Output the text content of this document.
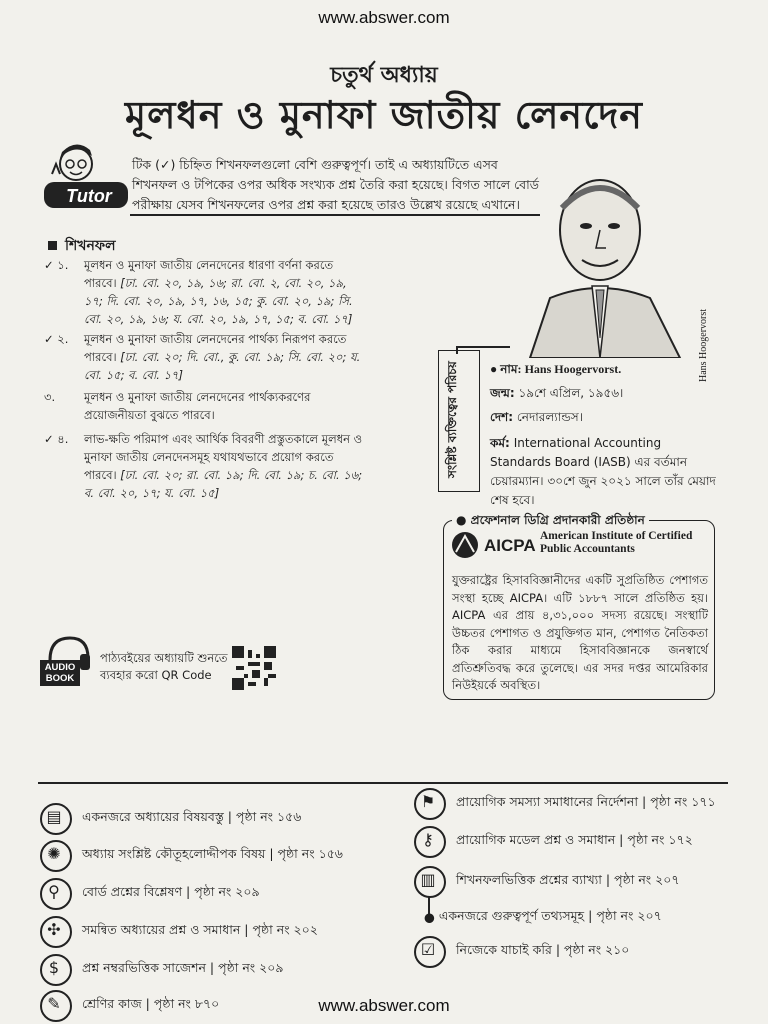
www.abswer.com
চতুর্থ অধ্যায়
মূলধন ও মুনাফা জাতীয় লেনদেন
Tutor
টিক (✓) চিহ্নিত শিখনফলগুলো বেশি গুরুত্বপূর্ণ। তাই এ অধ্যায়টিতে এসব শিখনফল ও টপিকের ওপর অধিক সংখ্যক প্রশ্ন তৈরি করা হয়েছে। বিগত সালে বোর্ড পরীক্ষায় যেসব শিখনফলের ওপর প্রশ্ন করা হয়েছে তারও উল্লেখ রয়েছে এখানে।
শিখনফল
✓ ১.	মূলধন ও মুনাফা জাতীয় লেনদেনের ধারণা বর্ণনা করতে পারবে। [ঢা. বো. ২০, ১৯, ১৬; রা. বো. ২, বো. ২০, ১৯, ১৭; দি. বো. ২০, ১৯, ১৭, ১৬, ১৫; কু. বো. ২০, ১৯; সি. বো. ২০, ১৯, ১৬; য. বো. ২০, ১৯, ১৭, ১৫; ব. বো. ১৭]
✓ ২.	মূলধন ও মুনাফা জাতীয় লেনদেনের পার্থক্য নিরূপণ করতে পারবে। [ঢা. বো. ২০; দি. বো., কু. বো. ১৯; সি. বো. ২০; য. বো. ১৫; ব. বো. ১৭]
৩.	মূলধন ও মুনাফা জাতীয় লেনদেনের পার্থক্যকরণের প্রয়োজনীয়তা বুঝতে পারবে।
✓ ৪.	লাভ-ক্ষতি পরিমাপ এবং আর্থিক বিবরণী প্রস্তুতকালে মূলধন ও মুনাফা জাতীয় লেনদেনসমূহ যথাযথভাবে প্রয়োগ করতে পারবে। [ঢা. বো. ২০; রা. বো. ১৯; দি. বো. ১৯; চ. বো. ১৬; ব. বো. ২০, ১৭; য. বো. ১৫]
Hans Hoogervorst
সংশ্লিষ্ট ব্যক্তিত্বের পরিচয়	● নাম: Hans Hoogervorst.
জন্ম: ১৯শে এপ্রিল, ১৯৫৬।
দেশ: নেদারল্যান্ডস।
কর্ম: International Accounting Standards Board (IASB) এর বর্তমান চেয়ারম্যান। ৩০শে জুন ২০২১ সালে তাঁর মেয়াদ শেষ হবে।
● প্রফেশনাল ডিগ্রি প্রদানকারী প্রতিষ্ঠান
AICPA American Institute of Certified Public Accountants
যুক্তরাষ্ট্রের হিসাববিজ্ঞানীদের একটি সুপ্রতিষ্ঠিত পেশাগত সংস্থা হচ্ছে AICPA। এটি ১৮৮৭ সালে প্রতিষ্ঠিত হয়। AICPA এর প্রায় ৪,৩১,০০০ সদস্য রয়েছে। সংস্থাটি উচ্চতর পেশাগত ও প্রযুক্তিগত মান, পেশাগত নৈতিকতা ঠিক করার মাধ্যমে হিসাববিজ্ঞানকে জনস্বার্থে প্রতিশ্রুতিবদ্ধ করে তুলেছে। এর সদর দপ্তর আমেরিকার নিউইয়র্কে অবস্থিত।
AUDIO
BOOK
পাঠ্যবইয়ের অধ্যায়টি শুনতে
ব্যবহার করো QR Code
▤	একনজরে অধ্যায়ের বিষয়বস্তু | পৃষ্ঠা নং ১৫৬
✺	অধ্যায় সংশ্লিষ্ট কৌতূহলোদ্দীপক বিষয় | পৃষ্ঠা নং ১৫৬
⚲	বোর্ড প্রশ্নের বিশ্লেষণ | পৃষ্ঠা নং ২০৯
✣	সমন্বিত অধ্যায়ের প্রশ্ন ও সমাধান | পৃষ্ঠা নং ২০২
$	প্রশ্ন নম্বরভিত্তিক সাজেশন | পৃষ্ঠা নং ২০৯
✎	শ্রেণির কাজ | পৃষ্ঠা নং ৮৭০
⚑	প্রায়োগিক সমস্যা সমাধানের নির্দেশনা | পৃষ্ঠা নং ১৭১
⚷	প্রায়োগিক মডেল প্রশ্ন ও সমাধান | পৃষ্ঠা নং ১৭২
▥	শিখনফলভিত্তিক প্রশ্নের ব্যাখ্যা | পৃষ্ঠা নং ২০৭
● একনজরে গুরুত্বপূর্ণ তথ্যসমূহ | পৃষ্ঠা নং ২০৭
☑	নিজেকে যাচাই করি | পৃষ্ঠা নং ২১০
www.abswer.com
